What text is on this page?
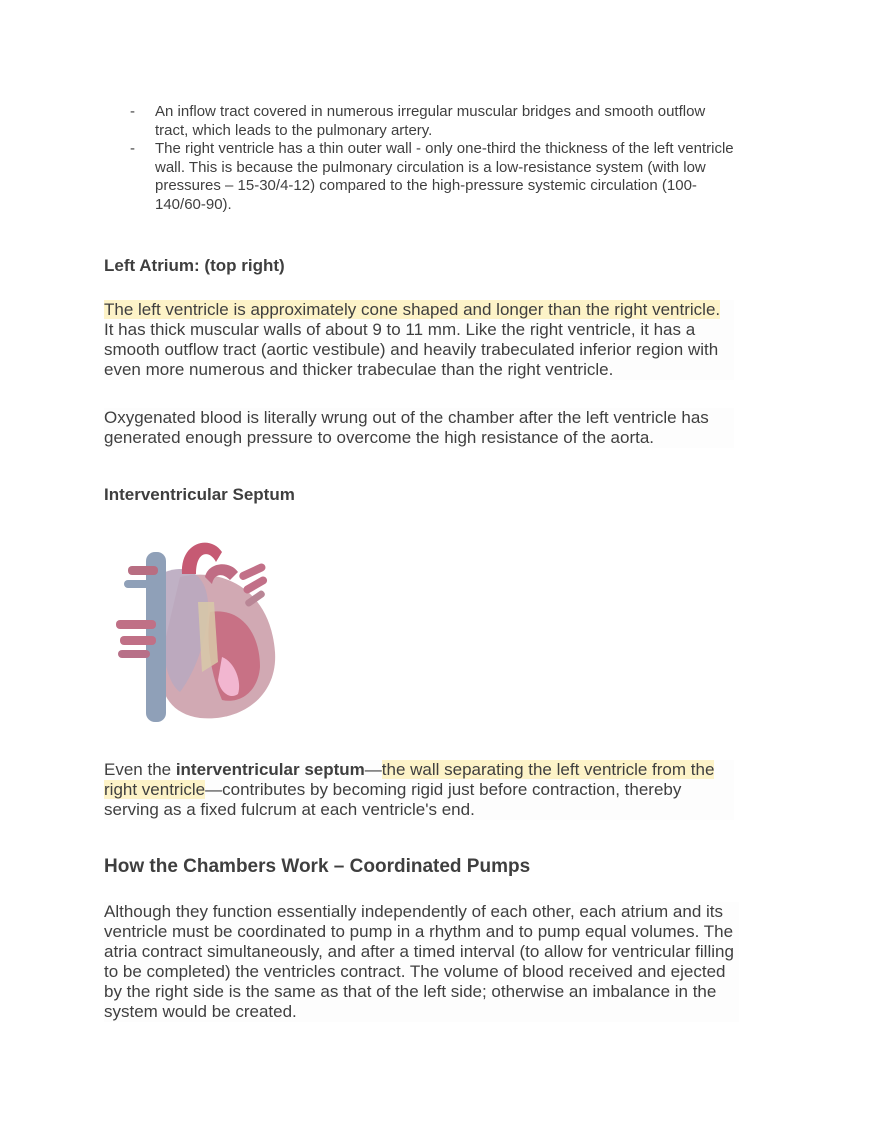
-	An inflow tract covered in numerous irregular muscular bridges and smooth outflow tract, which leads to the pulmonary artery.
-	The right ventricle has a thin outer wall - only one-third the thickness of the left ventricle wall. This is because the pulmonary circulation is a low-resistance system (with low pressures – 15-30/4-12) compared to the high-pressure systemic circulation (100-140/60-90).
Left Atrium: (top right)
The left ventricle is approximately cone shaped and longer than the right ventricle. It has thick muscular walls of about 9 to 11 mm. Like the right ventricle, it has a smooth outflow tract (aortic vestibule) and heavily trabeculated inferior region with even more numerous and thicker trabeculae than the right ventricle.
Oxygenated blood is literally wrung out of the chamber after the left ventricle has generated enough pressure to overcome the high resistance of the aorta.
Interventricular Septum
Even the interventricular septum—the wall separating the left ventricle from the right ventricle—contributes by becoming rigid just before contraction, thereby serving as a fixed fulcrum at each ventricle's end.
How the Chambers Work – Coordinated Pumps
Although they function essentially independently of each other, each atrium and its ventricle must be coordinated to pump in a rhythm and to pump equal volumes. The atria contract simultaneously, and after a timed interval (to allow for ventricular filling to be completed) the ventricles contract. The volume of blood received and ejected by the right side is the same as that of the left side; otherwise an imbalance in the system would be created.
